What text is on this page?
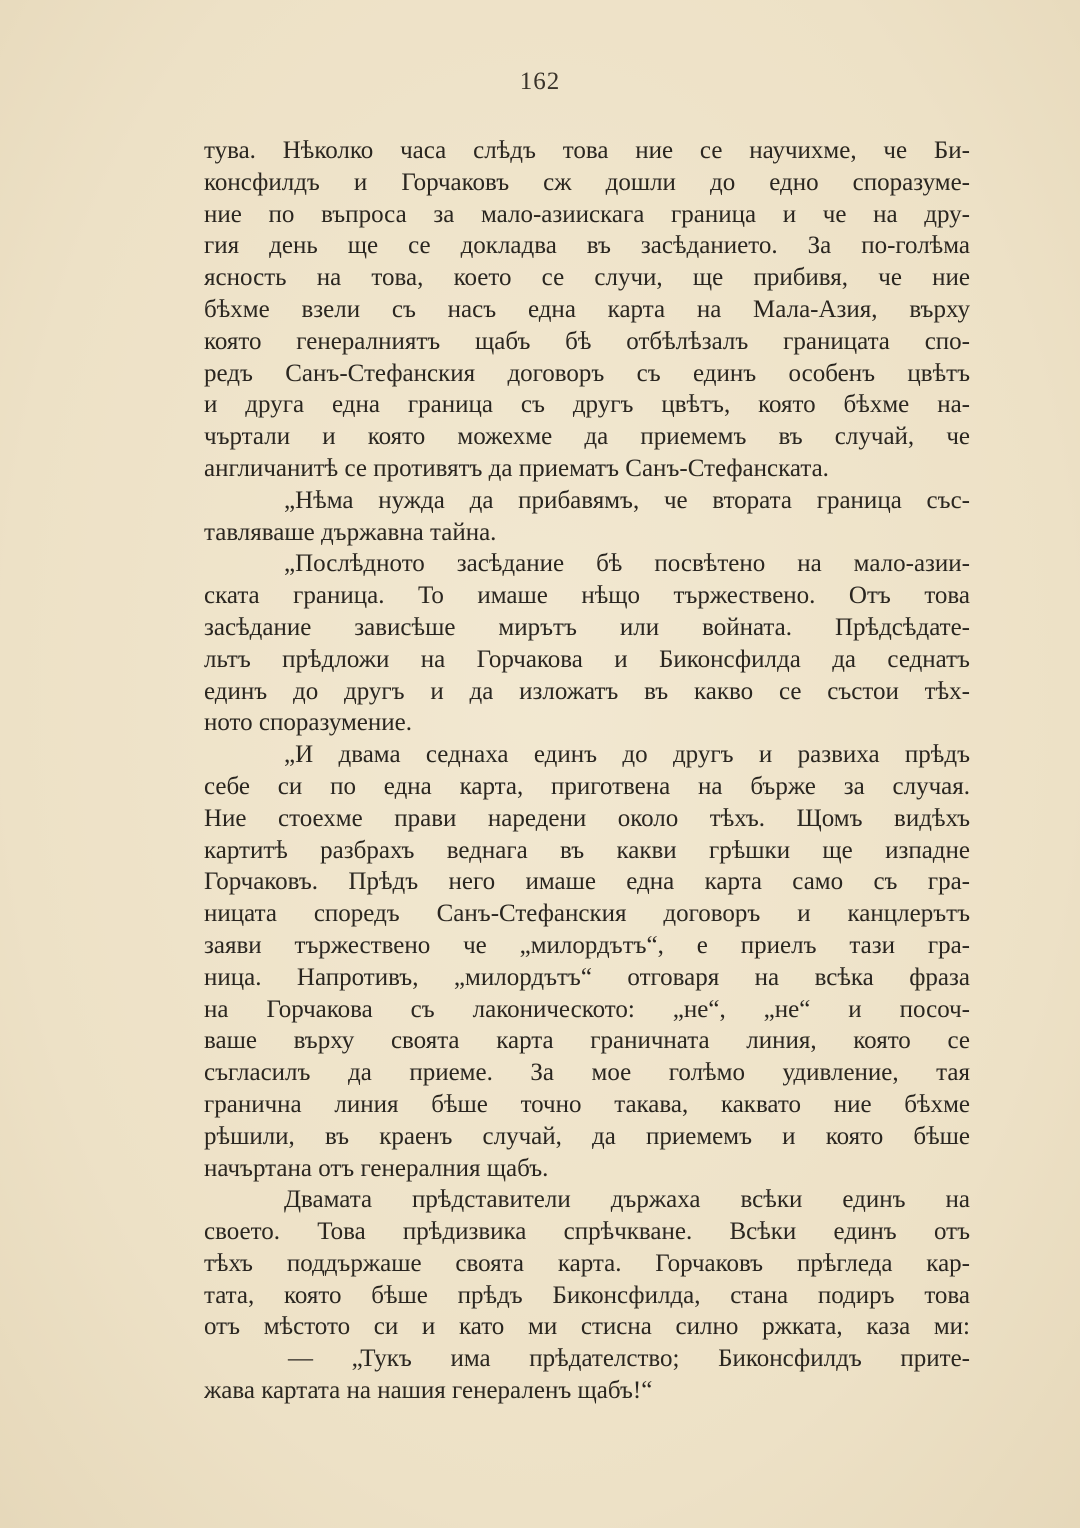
162
тува. Нѣколко часа слѣдъ това ние се научихме, че Би-
консфилдъ и Горчаковъ сж дошли до едно споразуме-
ние по въпроса за мало-азиискага граница и че на дру-
гия день ще се докладва въ засѣданието. За по-голѣма
ясность на това, което се случи, ще прибивя, че ние
бѣхме взели съ насъ една карта на Мала-Азия, върху
която генералниятъ щабъ бѣ отбѣлѣзалъ границата спо-
редъ Санъ-Стефанския договоръ съ единъ особенъ цвѣтъ
и друга една граница съ другъ цвѣтъ, която бѣхме на-
чъртали и която можехме да приемемъ въ случай, че
англичанитѣ се противятъ да приематъ Санъ-Стефанската.
„Нѣма нужда да прибавямъ, че втората граница със-
тавляваше държавна тайна.
„Послѣдното засѣдание бѣ посвѣтено на мало-азии-
ската граница. То имаше нѣщо тържествено. Отъ това
засѣдание зависѣше мирътъ или войната. Прѣдсѣдате-
льтъ прѣдложи на Горчакова и Биконсфилда да седнатъ
единъ до другъ и да изложатъ въ какво се състои тѣх-
ното споразумение.
„И двама седнаха единъ до другъ и развиха прѣдъ
себе си по една карта, приготвена на бърже за случая.
Ние стоехме прави наредени около тѣхъ. Щомъ видѣхъ
картитѣ разбрахъ веднага въ какви грѣшки ще изпадне
Горчаковъ. Прѣдъ него имаше една карта само съ гра-
ницата споредъ Санъ-Стефанския договоръ и канцлерътъ
заяви тържествено че „милордътъ“, е приелъ тази гра-
ница. Напротивъ, „милордътъ“ отговаря на всѣка фраза
на Горчакова съ лаконическото: „не“, „не“ и посоч-
ваше върху своята карта граничната линия, която се
съгласилъ да приеме. За мое голѣмо удивление, тая
гранична линия бѣше точно такава, каквато ние бѣхме
рѣшили, въ краенъ случай, да приемемъ и която бѣше
начъртана отъ генералния щабъ.
Двамата прѣдставители държаха всѣки единъ на
своето. Това прѣдизвика спрѣчкване. Всѣки единъ отъ
тѣхъ поддържаше своята карта. Горчаковъ прѣгледа кар-
тата, която бѣше прѣдъ Биконсфилда, стана подиръ това
отъ мѣстото си и като ми стисна силно ржката, каза ми:
— „Тукъ има прѣдателство; Биконсфилдъ прите-
жава картата на нашия генераленъ щабъ!“
